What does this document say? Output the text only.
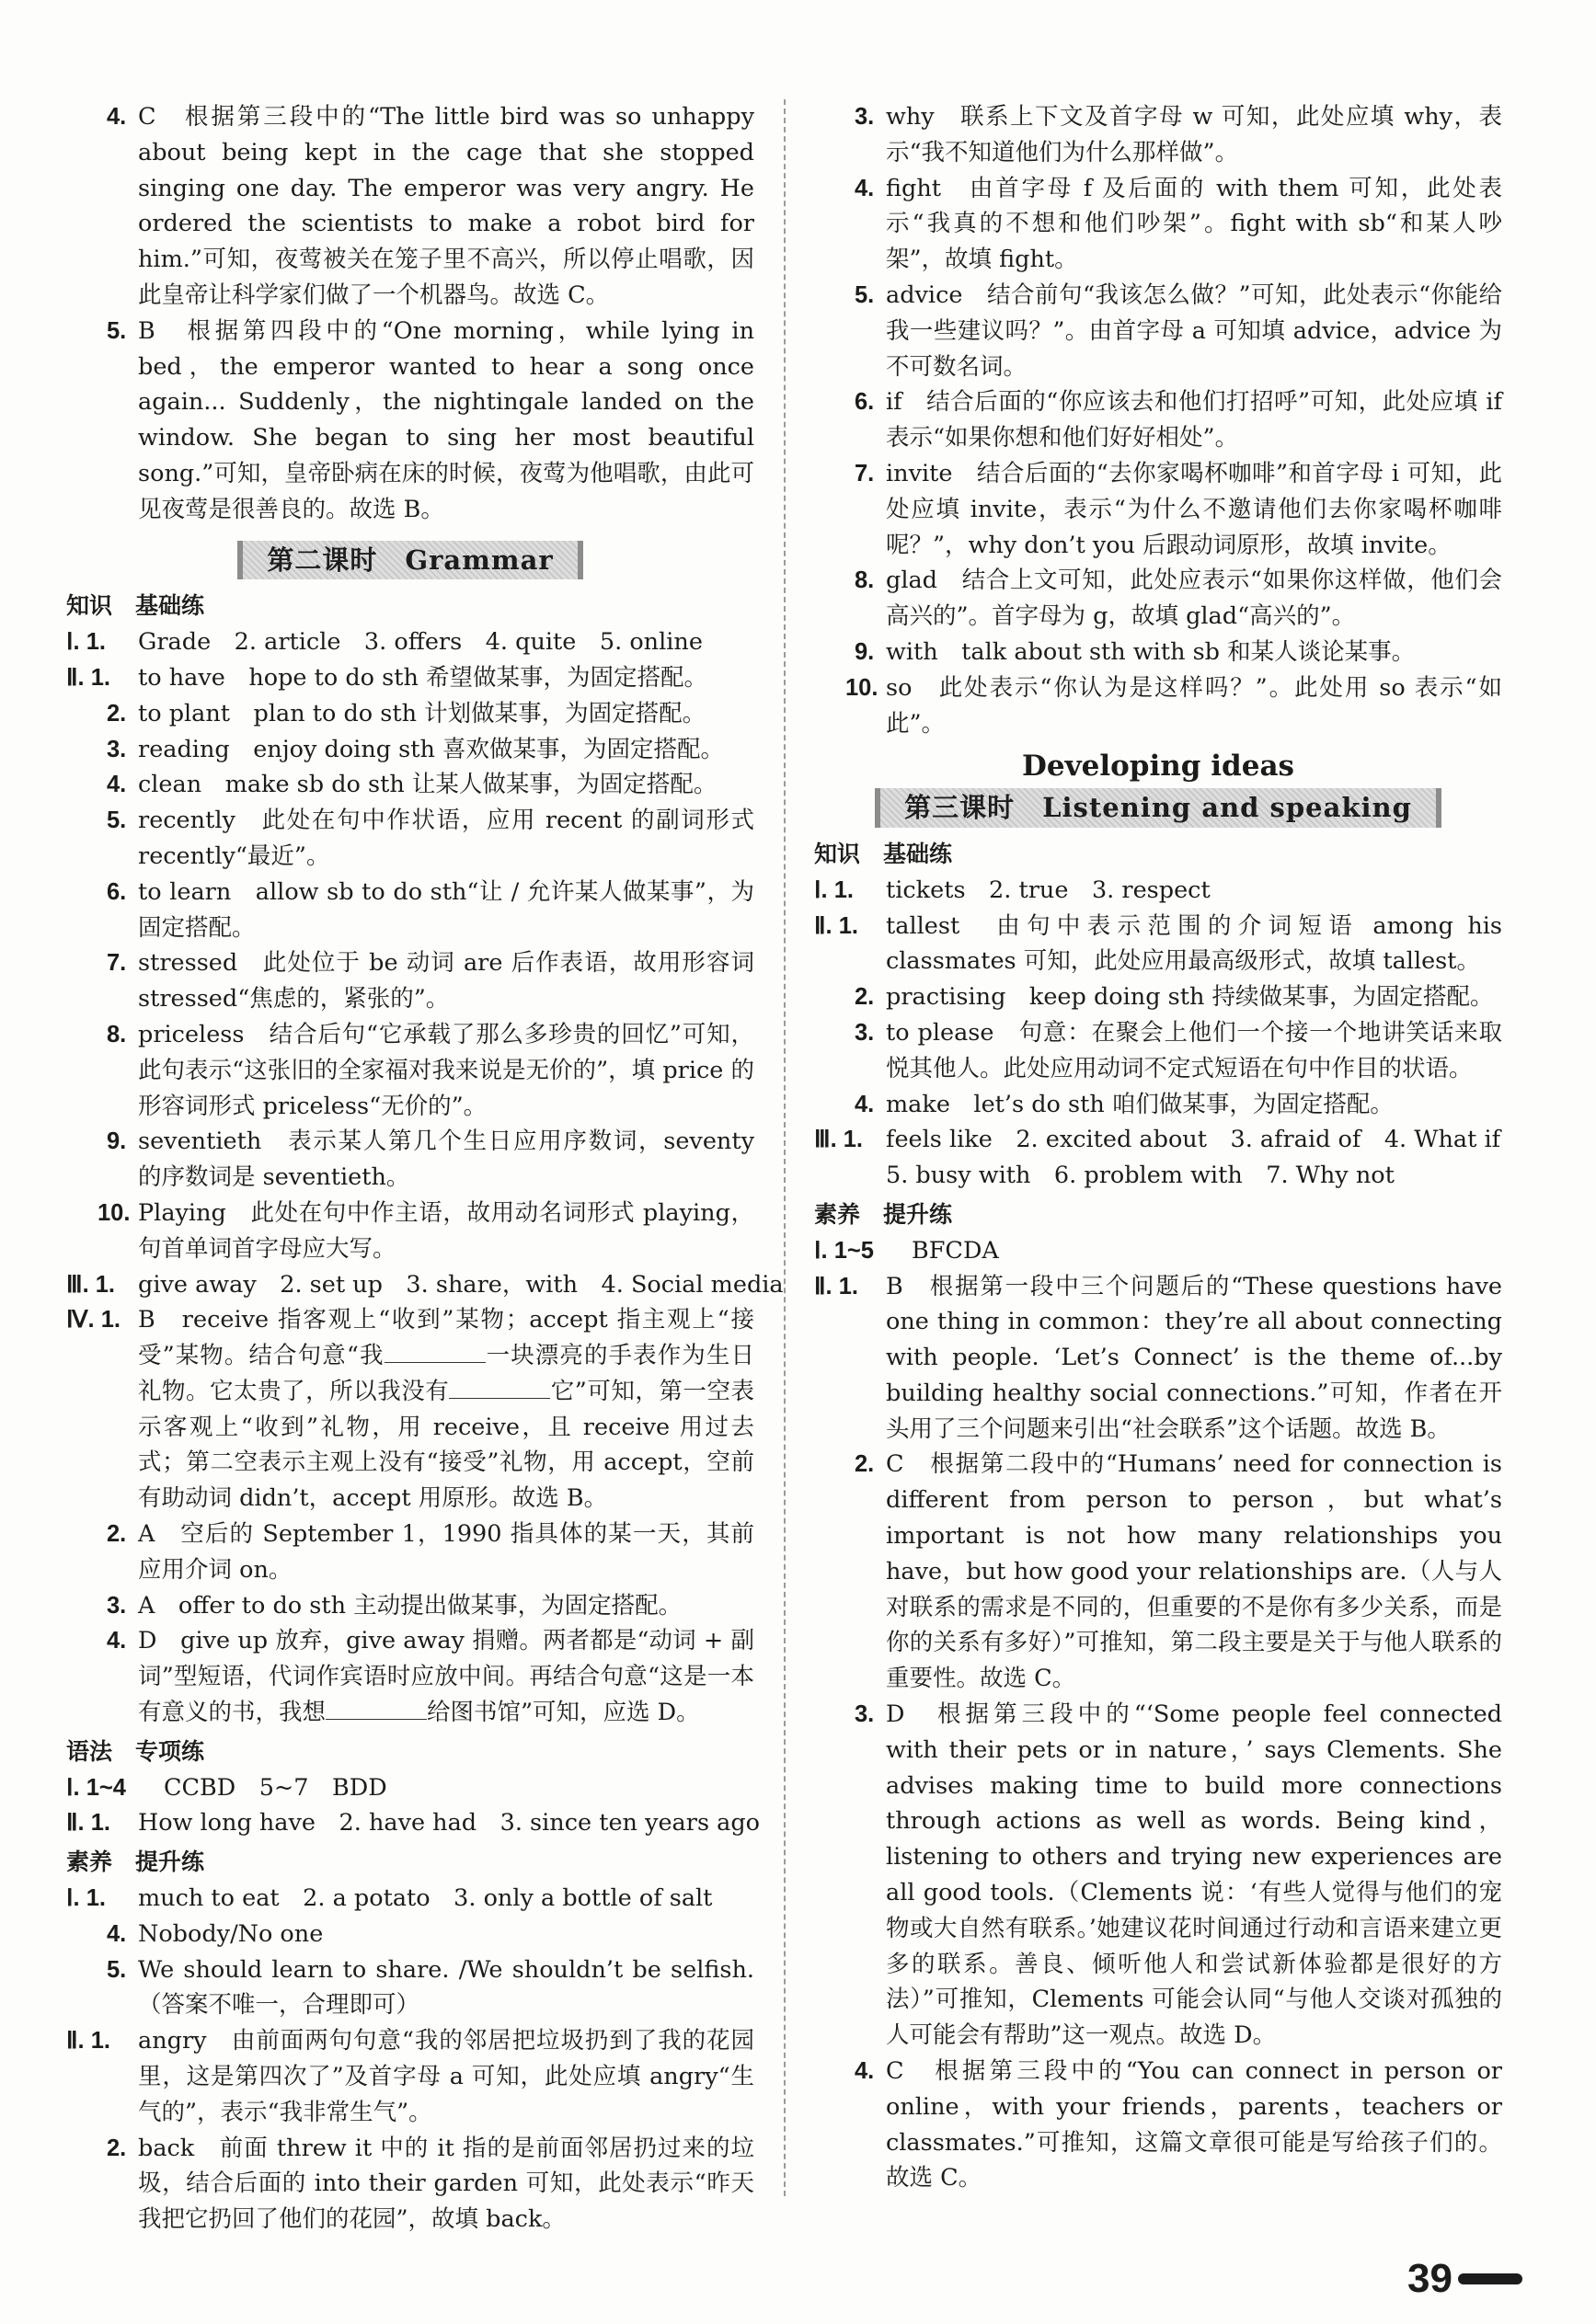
4. C　根据第三段中的“The little bird was so unhappy about being kept in the cage that she stopped singing one day. The emperor was very angry. He ordered the scientists to make a robot bird for him.”可知，夜莺被关在笼子里不高兴，所以停止唱歌，因此皇帝让科学家们做了一个机器鸟。故选 C。
5. B　根据第四段中的“One morning，while lying in bed，the emperor wanted to hear a song once again... Suddenly，the nightingale landed on the window. She began to sing her most beautiful song.”可知，皇帝卧病在床的时候，夜莺为他唱歌，由此可见夜莺是很善良的。故选 B。
第二课时　Grammar
知识　基础练
Ⅰ. 1. Grade　2. article　3. offers　4. quite　5. online
Ⅱ. 1. to have　hope to do sth 希望做某事，为固定搭配。
2. to plant　plan to do sth 计划做某事，为固定搭配。
3. reading　enjoy doing sth 喜欢做某事，为固定搭配。
4. clean　make sb do sth 让某人做某事，为固定搭配。
5. recently　此处在句中作状语，应用 recent 的副词形式 recently“最近”。
6. to learn　allow sb to do sth“让 / 允许某人做某事”，为固定搭配。
7. stressed　此处位于 be 动词 are 后作表语，故用形容词 stressed“焦虑的，紧张的”。
8. priceless　结合后句“它承载了那么多珍贵的回忆”可知，此句表示“这张旧的全家福对我来说是无价的”，填 price 的形容词形式 priceless“无价的”。
9. seventieth　表示某人第几个生日应用序数词，seventy 的序数词是 seventieth。
10. Playing　此处在句中作主语，故用动名词形式 playing，句首单词首字母应大写。
Ⅲ. 1. give away　2. set up　3. share，with　4. Social media
Ⅳ. 1. B　receive 指客观上“收到”某物；accept 指主观上“接受”某物。结合句意“我	一块漂亮的手表作为生日礼物。它太贵了，所以我没有	它”可知，第一空表示客观上“收到”礼物，用 receive，且 receive 用过去式；第二空表示主观上没有“接受”礼物，用 accept，空前有助动词 didn’t，accept 用原形。故选 B。
2. A　空后的 September 1，1990 指具体的某一天，其前应用介词 on。
3. A　offer to do sth 主动提出做某事，为固定搭配。
4. D　give up 放弃，give away 捐赠。两者都是“动词 + 副词”型短语，代词作宾语时应放中间。再结合句意“这是一本有意义的书，我想	给图书馆”可知，应选 D。
语法　专项练
Ⅰ. 1~4 CCBD　5~7　BDD
Ⅱ. 1. How long have　2. have had　3. since ten years ago
素养　提升练
Ⅰ. 1. much to eat　2. a potato　3. only a bottle of salt
4. Nobody/No one
5. We should learn to share. /We shouldn’t be selfish.（答案不唯一，合理即可）
Ⅱ. 1. angry　由前面两句句意“我的邻居把垃圾扔到了我的花园里，这是第四次了”及首字母 a 可知，此处应填 angry“生气的”，表示“我非常生气”。
2. back　前面 threw it 中的 it 指的是前面邻居扔过来的垃圾，结合后面的 into their garden 可知，此处表示“昨天我把它扔回了他们的花园”，故填 back。
3. why　联系上下文及首字母 w 可知，此处应填 why，表示“我不知道他们为什么那样做”。
4. fight　由首字母 f 及后面的 with them 可知，此处表示“我真的不想和他们吵架”。fight with sb“和某人吵架”，故填 fight。
5. advice　结合前句“我该怎么做？”可知，此处表示“你能给我一些建议吗？”。由首字母 a 可知填 advice，advice 为不可数名词。
6. if　结合后面的“你应该去和他们打招呼”可知，此处应填 if 表示“如果你想和他们好好相处”。
7. invite　结合后面的“去你家喝杯咖啡”和首字母 i 可知，此处应填 invite，表示“为什么不邀请他们去你家喝杯咖啡呢？”，why don’t you 后跟动词原形，故填 invite。
8. glad　结合上文可知，此处应表示“如果你这样做，他们会高兴的”。首字母为 g，故填 glad“高兴的”。
9. with　talk about sth with sb 和某人谈论某事。
10. so　此处表示“你认为是这样吗？”。此处用 so 表示“如此”。
Developing ideas
第三课时　Listening and speaking
知识　基础练
Ⅰ. 1. tickets　2. true　3. respect
Ⅱ. 1. tallest　由句中表示范围的介词短语 among his classmates 可知，此处应用最高级形式，故填 tallest。
2. practising　keep doing sth 持续做某事，为固定搭配。
3. to please　句意：在聚会上他们一个接一个地讲笑话来取悦其他人。此处应用动词不定式短语在句中作目的状语。
4. make　let’s do sth 咱们做某事，为固定搭配。
Ⅲ. 1. feels like　2. excited about　3. afraid of　4. What if
5. busy with　6. problem with　7. Why not
素养　提升练
Ⅰ. 1~5 BFCDA
Ⅱ. 1. B　根据第一段中三个问题后的“These questions have one thing in common：they’re all about connecting with people. ‘Let’s Connect’ is the theme of...by building healthy social connections.”可知，作者在开头用了三个问题来引出“社会联系”这个话题。故选 B。
2. C　根据第二段中的“Humans’ need for connection is different from person to person，but what’s important is not how many relationships you have，but how good your relationships are.（人与人对联系的需求是不同的，但重要的不是你有多少关系，而是你的关系有多好）”可推知，第二段主要是关于与他人联系的重要性。故选 C。
3. D　根据第三段中的“‘Some people feel connected with their pets or in nature，’ says Clements. She advises making time to build more connections through actions as well as words. Being kind，listening to others and trying new experiences are all good tools.（Clements 说：‘有些人觉得与他们的宠物或大自然有联系。’她建议花时间通过行动和言语来建立更多的联系。善良、倾听他人和尝试新体验都是很好的方法）”可推知，Clements 可能会认同“与他人交谈对孤独的人可能会有帮助”这一观点。故选 D。
4. C　根据第三段中的“You can connect in person or online，with your friends，parents，teachers or classmates.”可推知，这篇文章很可能是写给孩子们的。故选 C。
39
